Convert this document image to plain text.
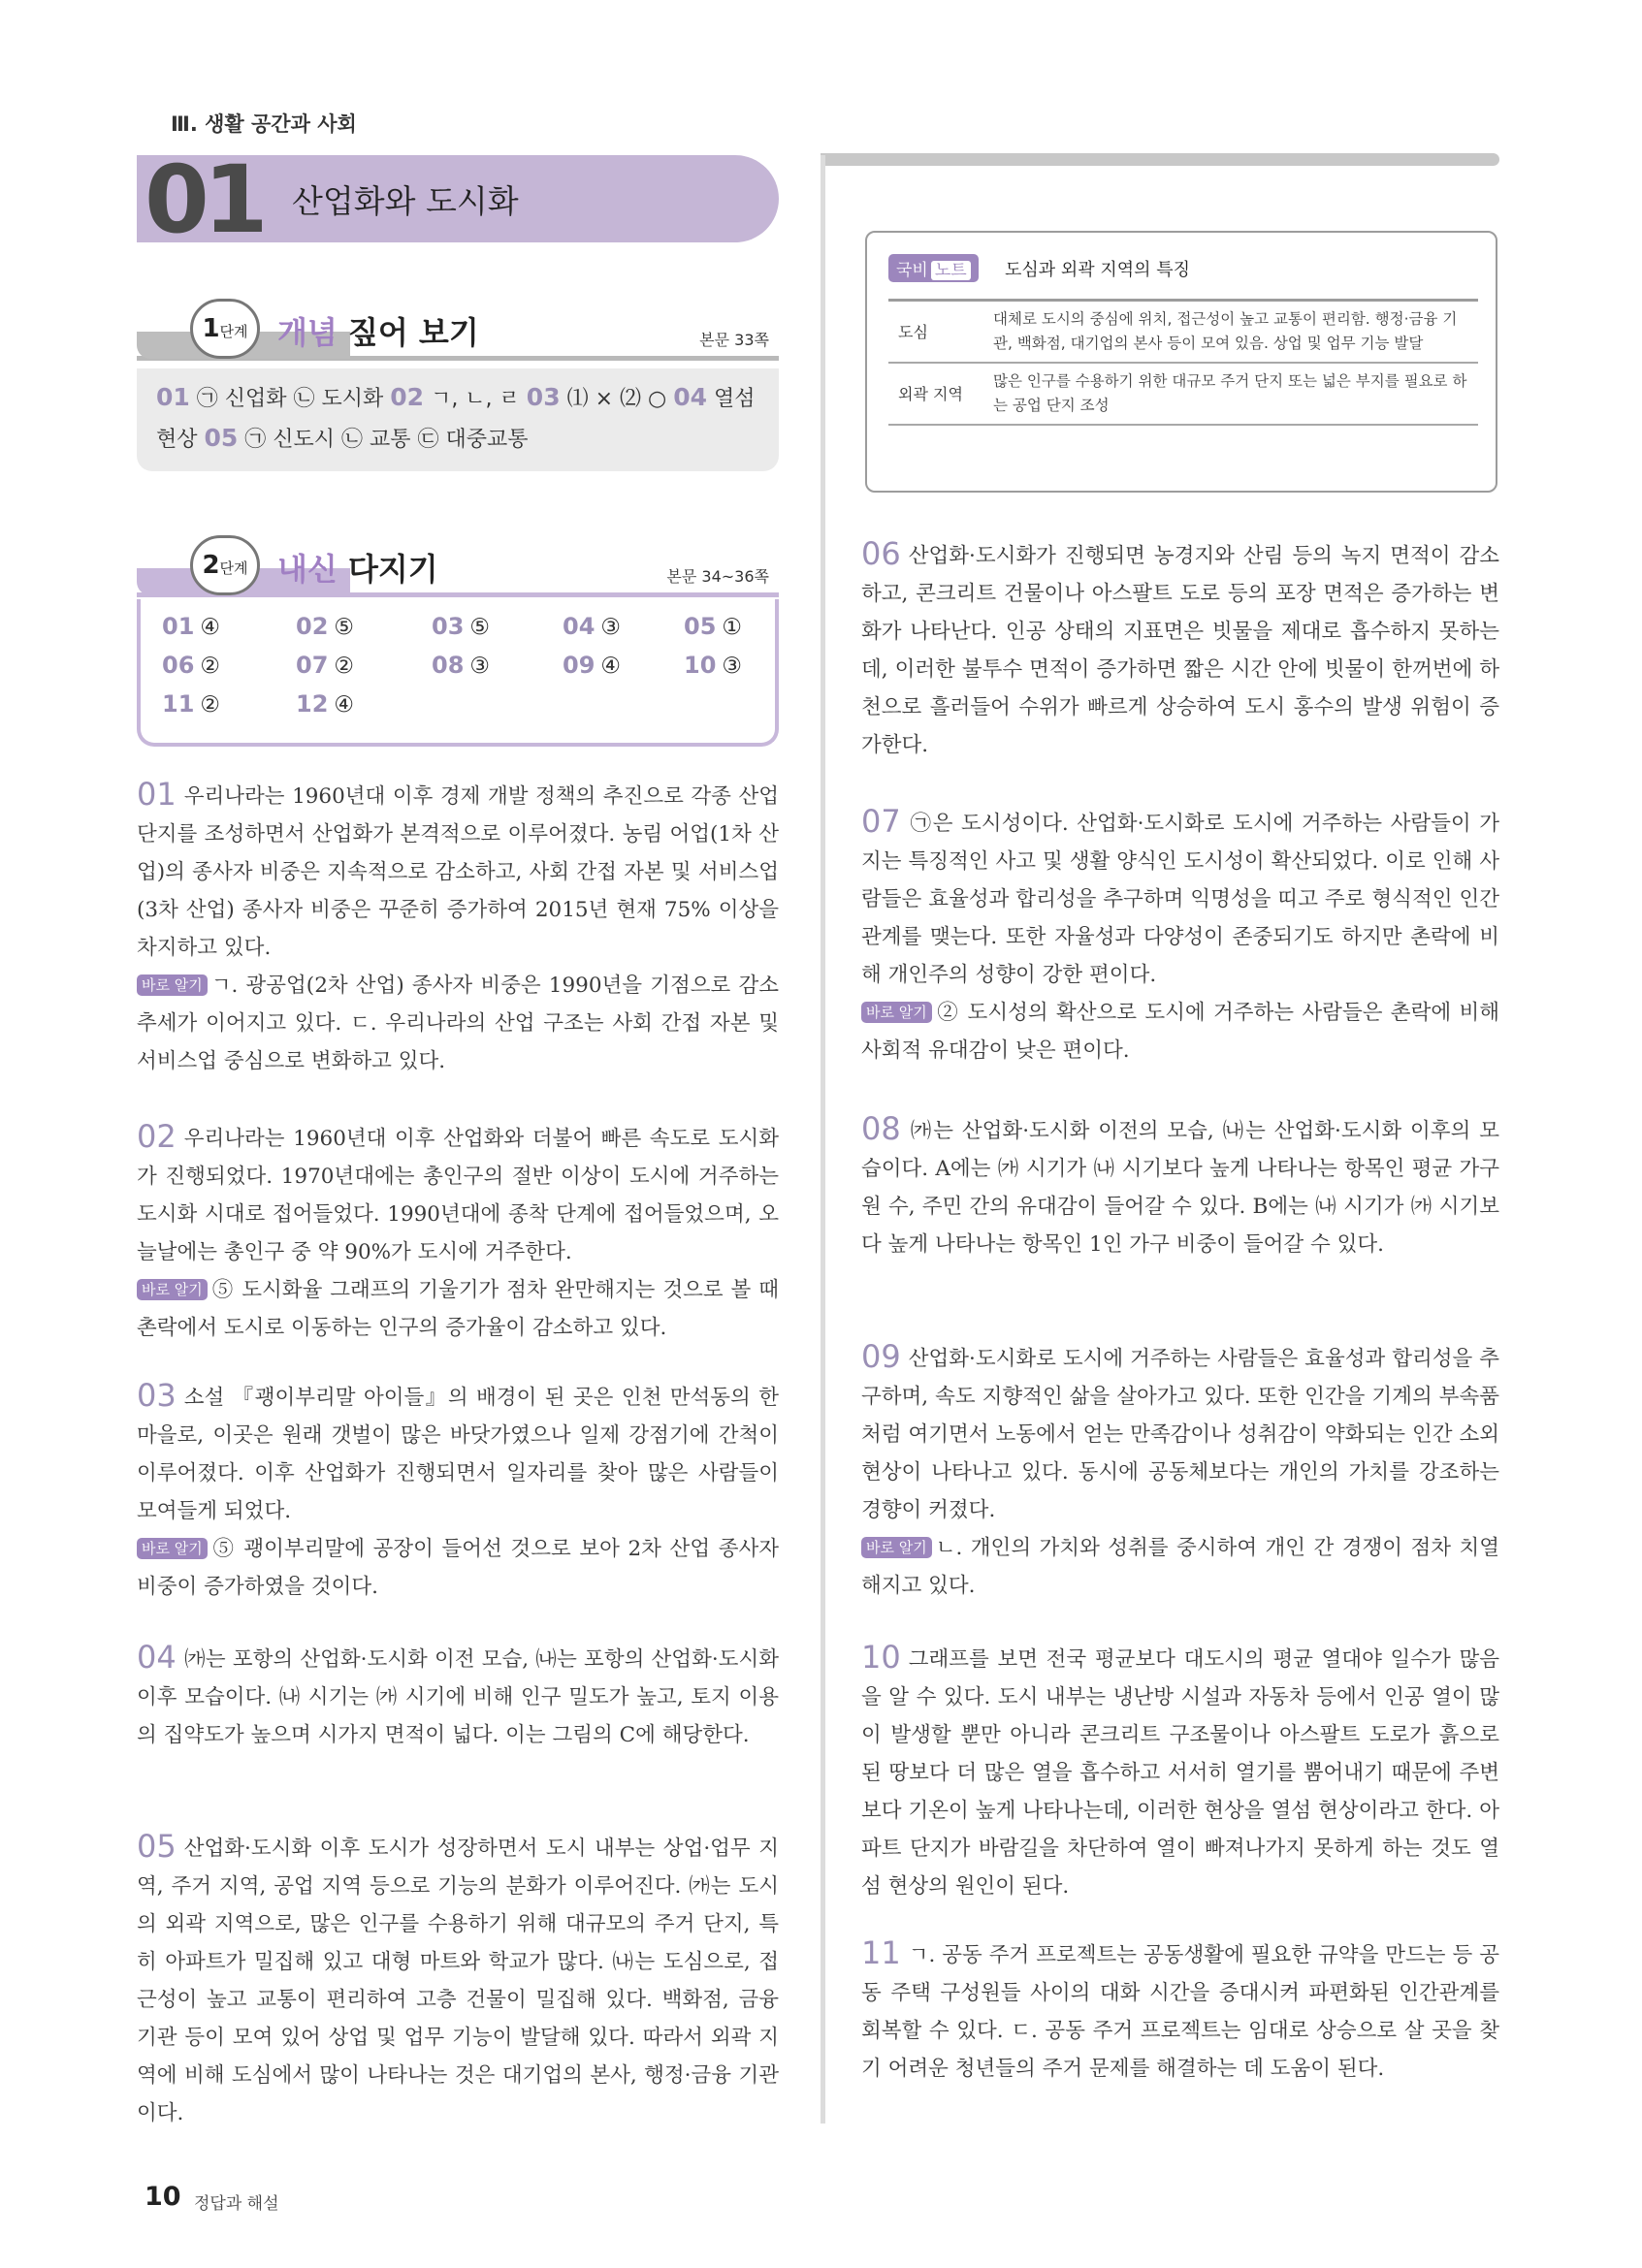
Ⅲ. 생활 공간과 사회
01 산업화와 도시화
1단계 개념 짚어 보기	본문 33쪽
01 ㉠ 신업화 ㉡ 도시화 02 ㄱ, ㄴ, ㄹ 03 ⑴ × ⑵ ○ 04 열섬
현상 05 ㉠ 신도시 ㉡ 교통 ㉢ 대중교통
2단계 내신 다지기	본문 34~36쪽
01 ④	02 ⑤	03 ⑤	04 ③	05 ①
06 ②	07 ②	08 ③	09 ④	10 ③
11 ②	12 ④
국비 노트	도심과 외곽 지역의 특징
도심	대체로 도시의 중심에 위치, 접근성이 높고 교통이 편리함. 행정·금융 기관, 백화점, 대기업의 본사 등이 모여 있음. 상업 및 업무 기능 발달
외곽 지역	많은 인구를 수용하기 위한 대규모 주거 단지 또는 넓은 부지를 필요로 하는 공업 단지 조성
10 정답과 해설
01 우리나라는 1960년대 이후 경제 개발 정책의 추진으로 각종 산업 단지를 조성하면서 산업화가 본격적으로 이루어졌다. 농림 어업(1차 산업)의 종사자 비중은 지속적으로 감소하고, 사회 간접 자본 및 서비스업(3차 산업) 종사자 비중은 꾸준히 증가하여 2015년 현재 75% 이상을 차지하고 있다.
바로 알기 ㄱ. 광공업(2차 산업) 종사자 비중은 1990년을 기점으로 감소 추세가 이어지고 있다. ㄷ. 우리나라의 산업 구조는 사회 간접 자본 및 서비스업 중심으로 변화하고 있다.
02 우리나라는 1960년대 이후 산업화와 더불어 빠른 속도로 도시화가 진행되었다. 1970년대에는 총인구의 절반 이상이 도시에 거주하는 도시화 시대로 접어들었다. 1990년대에 종착 단계에 접어들었으며, 오늘날에는 총인구 중 약 90%가 도시에 거주한다.
바로 알기 ⑤ 도시화율 그래프의 기울기가 점차 완만해지는 것으로 볼 때 촌락에서 도시로 이동하는 인구의 증가율이 감소하고 있다.
03 소설 『괭이부리말 아이들』의 배경이 된 곳은 인천 만석동의 한 마을로, 이곳은 원래 갯벌이 많은 바닷가였으나 일제 강점기에 간척이 이루어졌다. 이후 산업화가 진행되면서 일자리를 찾아 많은 사람들이 모여들게 되었다.
바로 알기 ⑤ 괭이부리말에 공장이 들어선 것으로 보아 2차 산업 종사자 비중이 증가하였을 것이다.
04 ㈎는 포항의 산업화·도시화 이전 모습, ㈏는 포항의 산업화·도시화 이후 모습이다. ㈏ 시기는 ㈎ 시기에 비해 인구 밀도가 높고, 토지 이용의 집약도가 높으며 시가지 면적이 넓다. 이는 그림의 C에 해당한다.
05 산업화·도시화 이후 도시가 성장하면서 도시 내부는 상업·업무 지역, 주거 지역, 공업 지역 등으로 기능의 분화가 이루어진다. ㈎는 도시의 외곽 지역으로, 많은 인구를 수용하기 위해 대규모의 주거 단지, 특히 아파트가 밀집해 있고 대형 마트와 학교가 많다. ㈏는 도심으로, 접근성이 높고 교통이 편리하여 고층 건물이 밀집해 있다. 백화점, 금융 기관 등이 모여 있어 상업 및 업무 기능이 발달해 있다. 따라서 외곽 지역에 비해 도심에서 많이 나타나는 것은 대기업의 본사, 행정·금융 기관이다.
06 산업화·도시화가 진행되면 농경지와 산림 등의 녹지 면적이 감소하고, 콘크리트 건물이나 아스팔트 도로 등의 포장 면적은 증가하는 변화가 나타난다. 인공 상태의 지표면은 빗물을 제대로 흡수하지 못하는데, 이러한 불투수 면적이 증가하면 짧은 시간 안에 빗물이 한꺼번에 하천으로 흘러들어 수위가 빠르게 상승하여 도시 홍수의 발생 위험이 증가한다.
07 ㉠은 도시성이다. 산업화·도시화로 도시에 거주하는 사람들이 가지는 특징적인 사고 및 생활 양식인 도시성이 확산되었다. 이로 인해 사람들은 효율성과 합리성을 추구하며 익명성을 띠고 주로 형식적인 인간관계를 맺는다. 또한 자율성과 다양성이 존중되기도 하지만 촌락에 비해 개인주의 성향이 강한 편이다.
바로 알기 ② 도시성의 확산으로 도시에 거주하는 사람들은 촌락에 비해 사회적 유대감이 낮은 편이다.
08 ㈎는 산업화·도시화 이전의 모습, ㈏는 산업화·도시화 이후의 모습이다. A에는 ㈎ 시기가 ㈏ 시기보다 높게 나타나는 항목인 평균 가구원 수, 주민 간의 유대감이 들어갈 수 있다. B에는 ㈏ 시기가 ㈎ 시기보다 높게 나타나는 항목인 1인 가구 비중이 들어갈 수 있다.
09 산업화·도시화로 도시에 거주하는 사람들은 효율성과 합리성을 추구하며, 속도 지향적인 삶을 살아가고 있다. 또한 인간을 기계의 부속품처럼 여기면서 노동에서 얻는 만족감이나 성취감이 약화되는 인간 소외 현상이 나타나고 있다. 동시에 공동체보다는 개인의 가치를 강조하는 경향이 커졌다.
바로 알기 ㄴ. 개인의 가치와 성취를 중시하여 개인 간 경쟁이 점차 치열해지고 있다.
10 그래프를 보면 전국 평균보다 대도시의 평균 열대야 일수가 많음을 알 수 있다. 도시 내부는 냉난방 시설과 자동차 등에서 인공 열이 많이 발생할 뿐만 아니라 콘크리트 구조물이나 아스팔트 도로가 흙으로 된 땅보다 더 많은 열을 흡수하고 서서히 열기를 뿜어내기 때문에 주변보다 기온이 높게 나타나는데, 이러한 현상을 열섬 현상이라고 한다. 아파트 단지가 바람길을 차단하여 열이 빠져나가지 못하게 하는 것도 열섬 현상의 원인이 된다.
11 ㄱ. 공동 주거 프로젝트는 공동생활에 필요한 규약을 만드는 등 공동 주택 구성원들 사이의 대화 시간을 증대시켜 파편화된 인간관계를 회복할 수 있다. ㄷ. 공동 주거 프로젝트는 임대로 상승으로 살 곳을 찾기 어려운 청년들의 주거 문제를 해결하는 데 도움이 된다.
